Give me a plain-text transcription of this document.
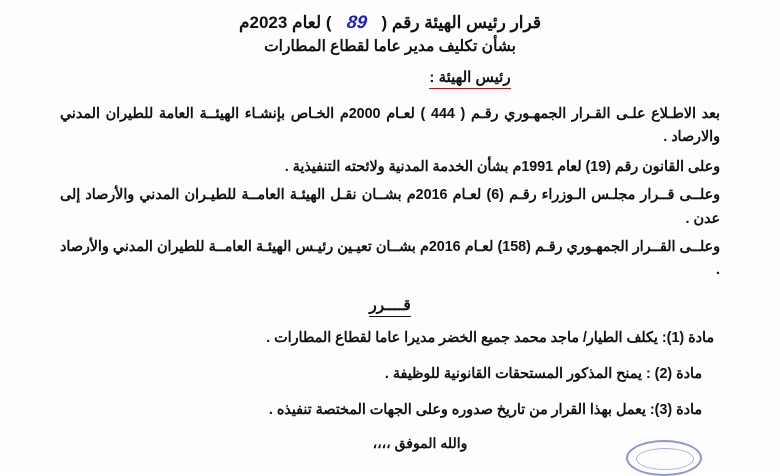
قرار رئيس الهيئة رقم (
89
) لعام 2023م
بشأن تكليف مدير عاما لقطاع المطارات
رئيس الهيئة :
بعد الاطـلاع علـى القـرار الجمهـوري رقـم ( 444 ) لعـام 2000م الخـاص بإنشـاء الهيئــة العامة للطيران المدني والارصاد .
وعلى القانون رقم (19) لعام 1991م بشأن الخدمة المدنية ولائحته التنفيذية .
وعلــى قــرار مجلـس الـوزراء رقـم (6) لعـام 2016م بشــان نقـل الهيئـة العامــة للطيـران المدني والأرصاد إلى عدن .
وعلــى القــرار الجمهـوري رقـم (158) لعـام 2016م بشــان تعيـين رئيـس الهيئـة العامــة للطيران المدني والأرصاد .
قــــرر
مادة (1): يكلف الطيار/ ماجد محمد جميع الخضر مديرا عاما لقطاع المطارات .
مادة (2) : يمنح المذكور المستحقات القانونية للوظيفة .
مادة (3): يعمل بهذا القرار من تاريخ صدوره وعلى الجهات المختصة تنفيذه .
والله الموفق ،،،،
